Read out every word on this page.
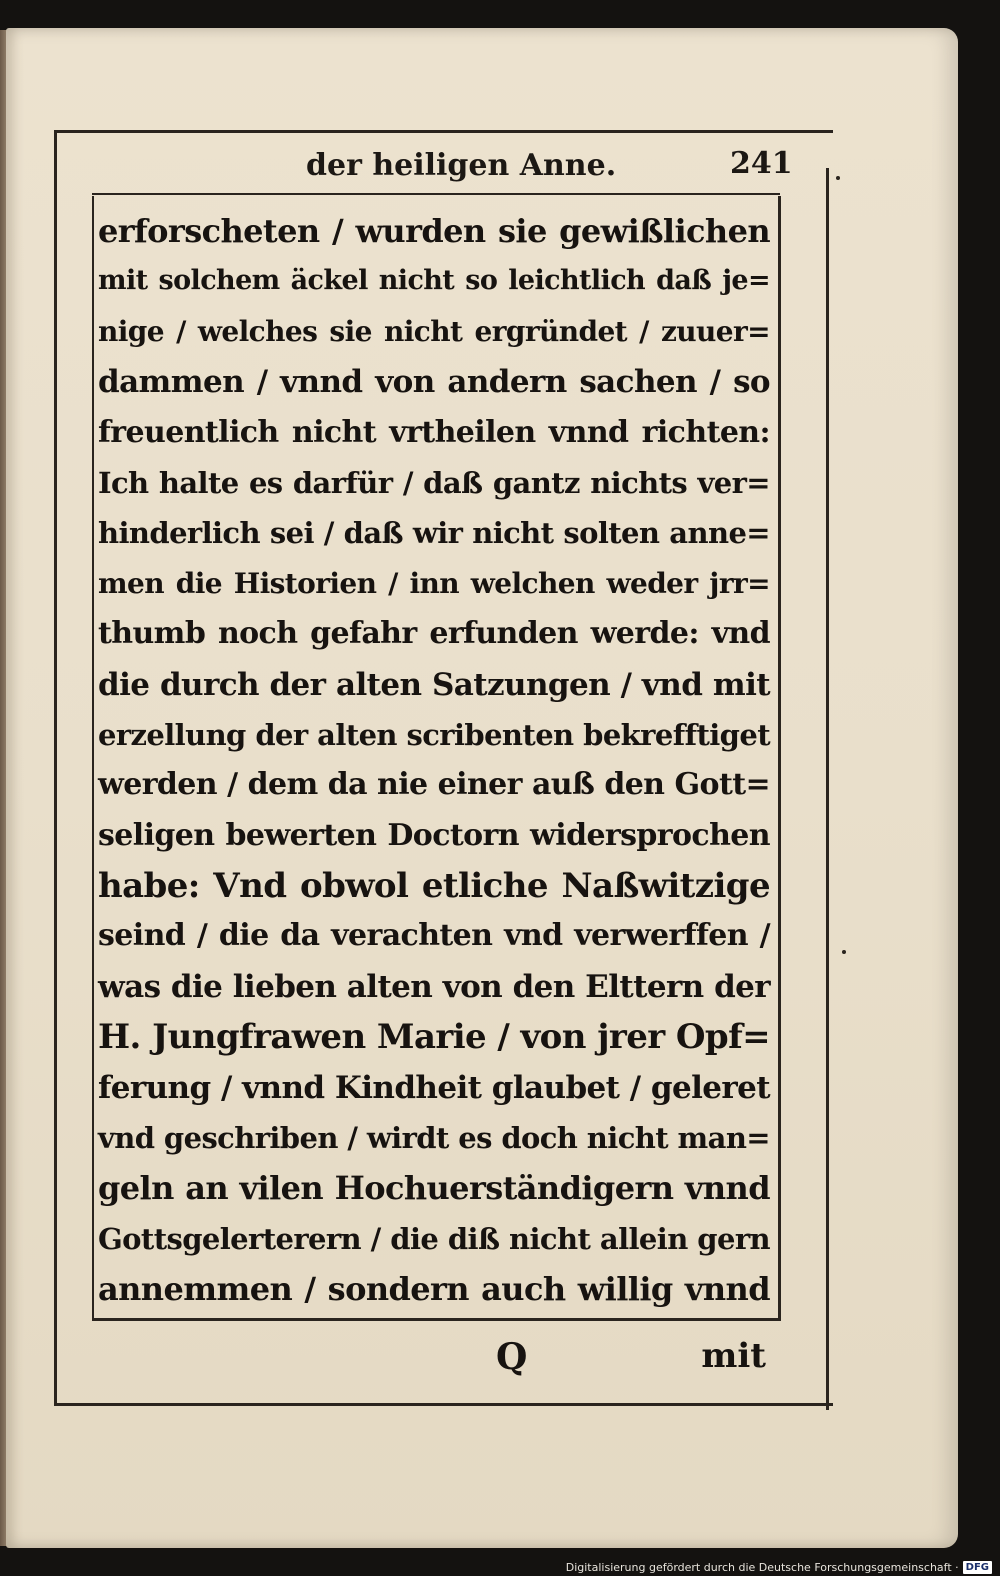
der heiligen Anne.	241
erforscheten / wurden sie gewißlichen
mit solchem äckel nicht so leichtlich daß je=
nige / welches sie nicht ergründet / zuuer=
dammen / vnnd von andern sachen / so
freuentlich nicht vrtheilen vnnd richten:
Ich halte es darfür / daß gantz nichts ver=
hinderlich sei / daß wir nicht solten anne=
men die Historien / inn welchen weder jrr=
thumb noch gefahr erfunden werde: vnd
die durch der alten Satzungen / vnd mit
erzellung der alten scribenten bekrefftiget
werden / dem da nie einer auß den Gott=
seligen bewerten Doctorn widersprochen
habe: Vnd obwol etliche Naßwitzige
seind / die da verachten vnd verwerffen /
was die lieben alten von den Elttern der
H. Jungfrawen Marie / von jrer Opf=
ferung / vnnd Kindheit glaubet / geleret
vnd geschriben / wirdt es doch nicht man=
geln an vilen Hochuerständigern vnnd
Gottsgelerterern / die diß nicht allein gern
annemmen / sondern auch willig vnnd
Q	mit
Digitalisierung gefördert durch die Deutsche Forschungsgemeinschaft · DFG
